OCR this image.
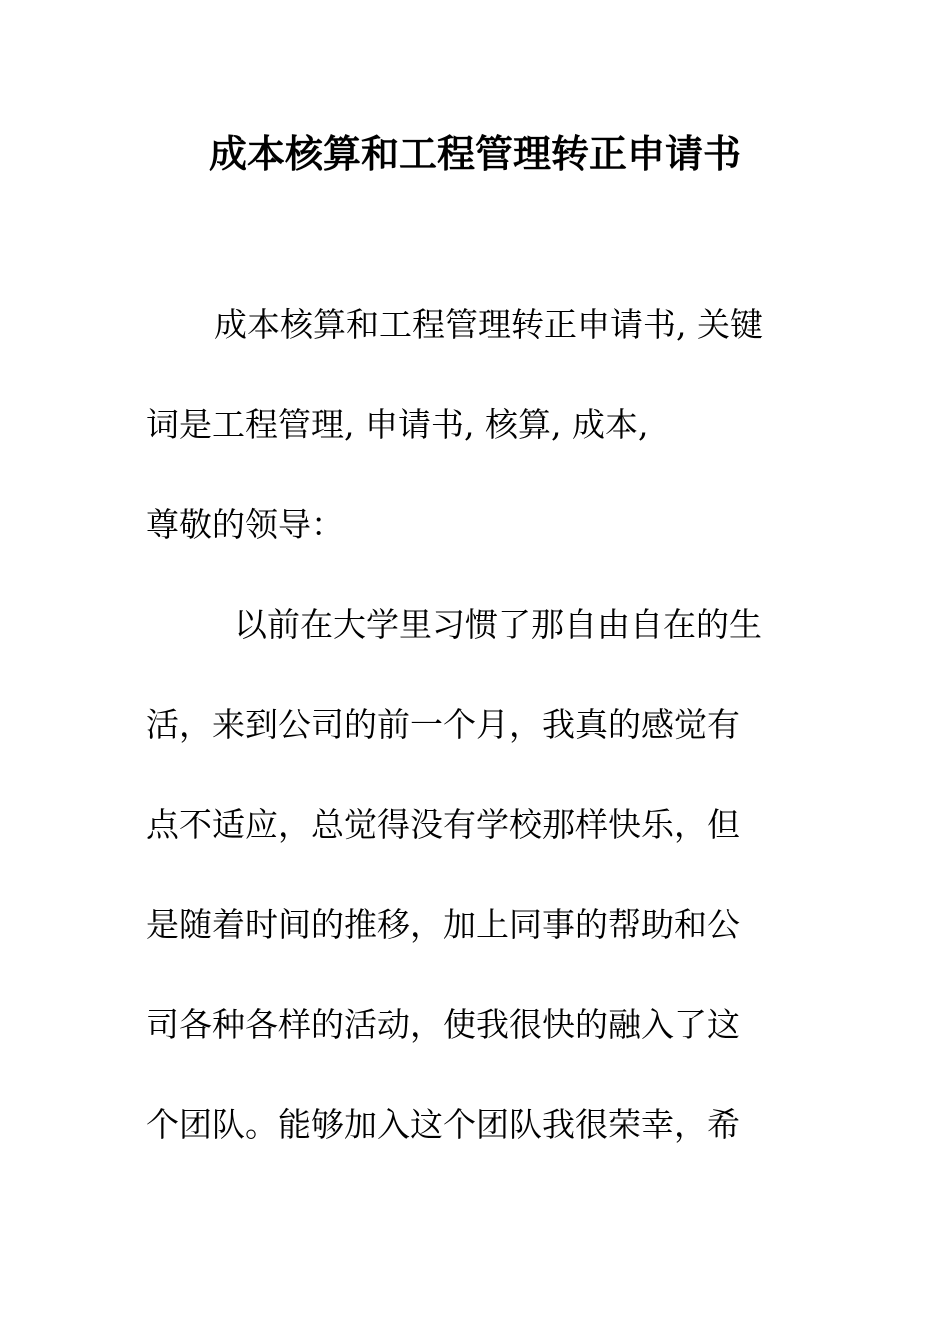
成本核算和工程管理转正申请书

成本核算和工程管理转正申请书, 关键

词是工程管理, 申请书, 核算, 成本,

尊敬的领导：

以前在大学里习惯了那自由自在的生

活，来到公司的前一个月，我真的感觉有

点不适应，总觉得没有学校那样快乐，但

是随着时间的推移，加上同事的帮助和公

司各种各样的活动，使我很快的融入了这

个团队。能够加入这个团队我很荣幸，希
